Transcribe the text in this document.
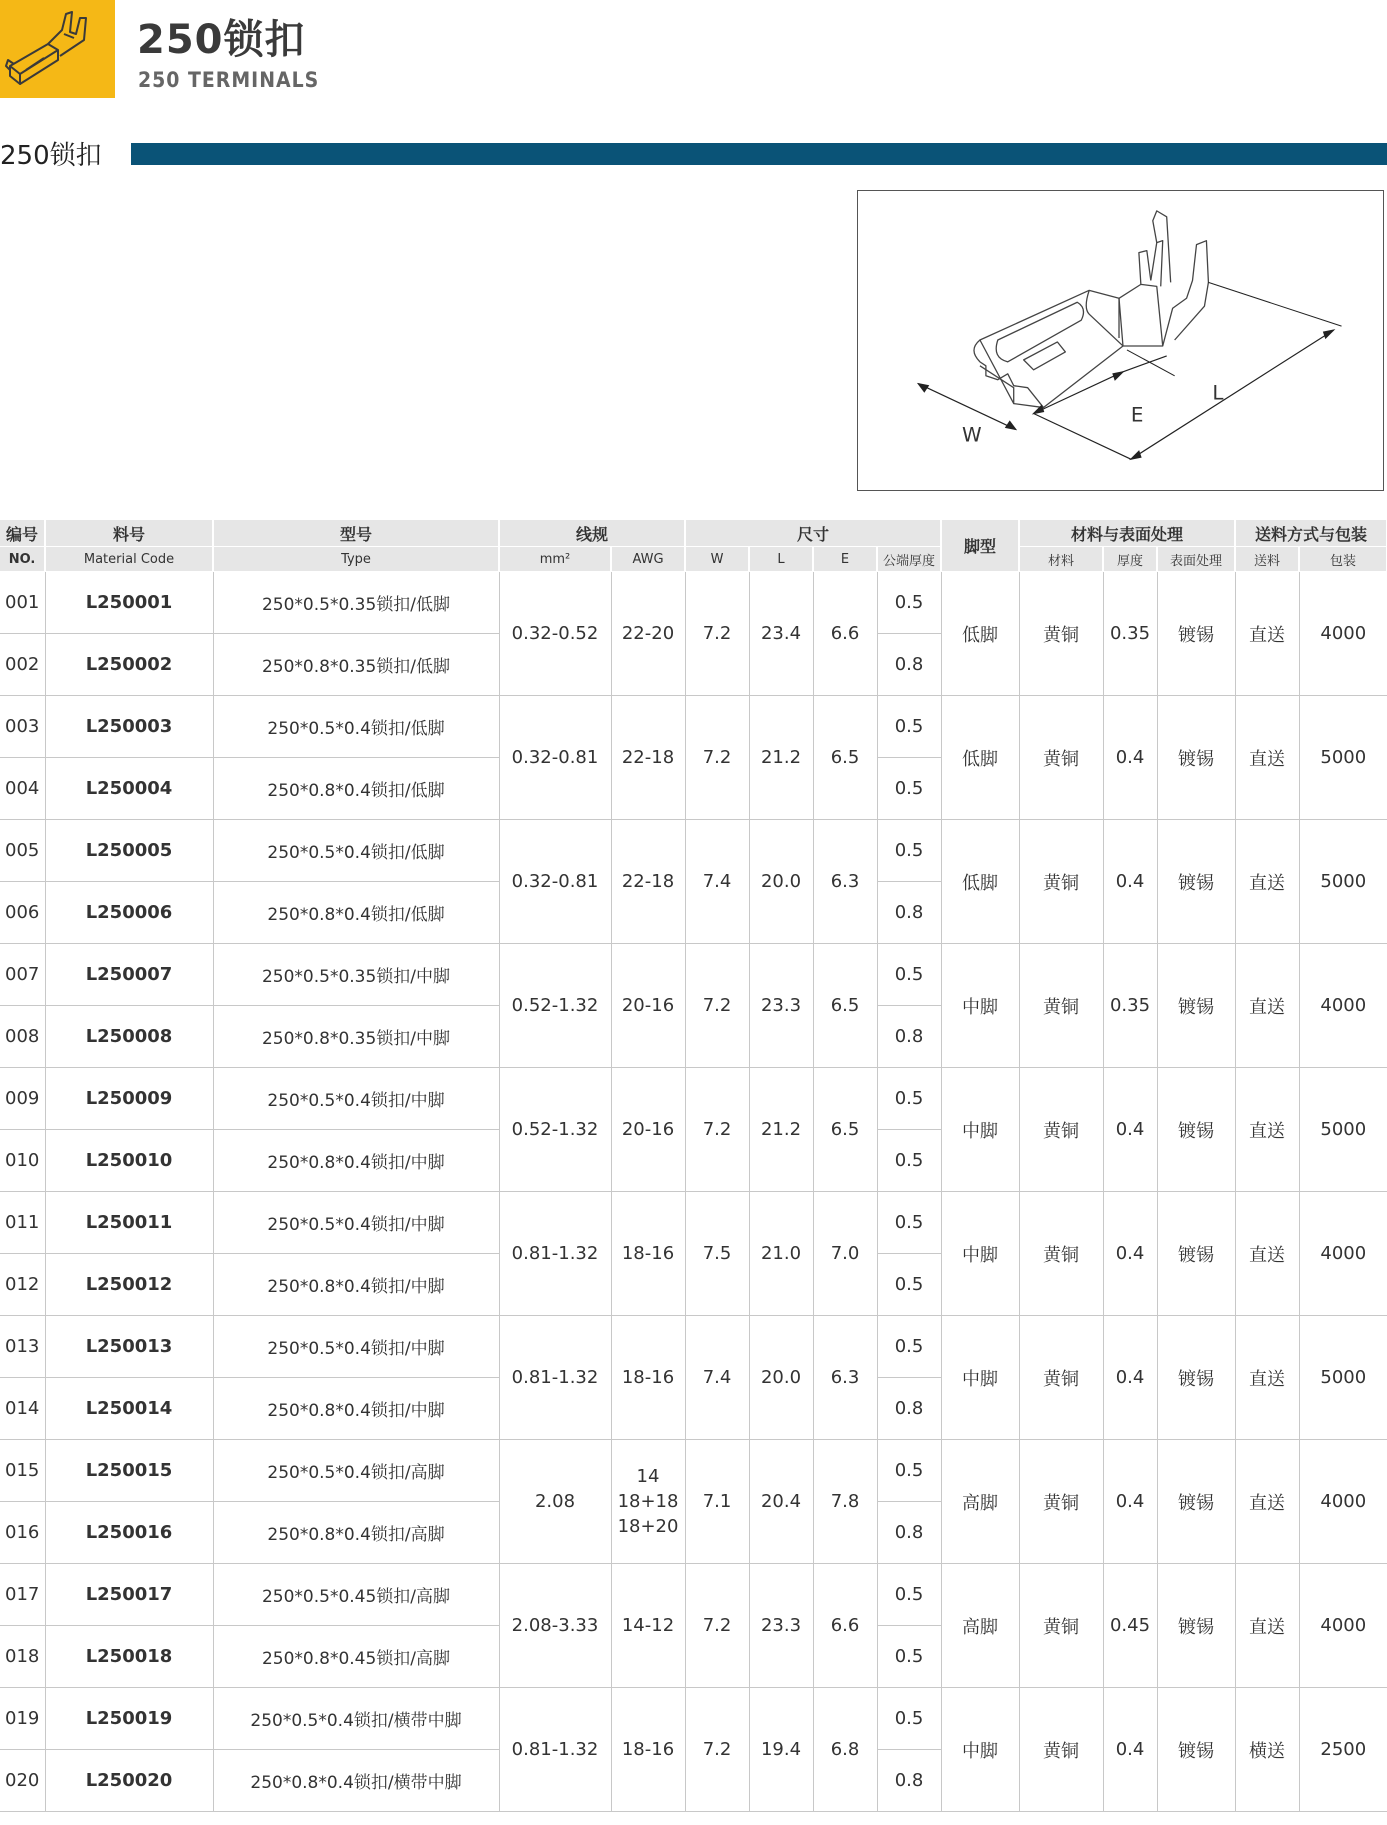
250锁扣
250 TERMINALS
250锁扣
W
E
L
编号	料号	型号	线规		尺寸				脚型	材料与表面处理			送料方式与包装	
NO.	Material Code	Type	mm²	AWG	W	L	E	公端厚度		材料	厚度	表面处理	送料	包装
001	L250001	250*0.5*0.35锁扣/低脚	0.32-0.52	22-20	7.2	23.4	6.6	0.5	低脚	黄铜	0.35	镀锡	直送	4000
002	L250002	250*0.8*0.35锁扣/低脚						0.8						
003	L250003	250*0.5*0.4锁扣/低脚	0.32-0.81	22-18	7.2	21.2	6.5	0.5	低脚	黄铜	0.4	镀锡	直送	5000
004	L250004	250*0.8*0.4锁扣/低脚						0.5						
005	L250005	250*0.5*0.4锁扣/低脚	0.32-0.81	22-18	7.4	20.0	6.3	0.5	低脚	黄铜	0.4	镀锡	直送	5000
006	L250006	250*0.8*0.4锁扣/低脚						0.8						
007	L250007	250*0.5*0.35锁扣/中脚	0.52-1.32	20-16	7.2	23.3	6.5	0.5	中脚	黄铜	0.35	镀锡	直送	4000
008	L250008	250*0.8*0.35锁扣/中脚						0.8						
009	L250009	250*0.5*0.4锁扣/中脚	0.52-1.32	20-16	7.2	21.2	6.5	0.5	中脚	黄铜	0.4	镀锡	直送	5000
010	L250010	250*0.8*0.4锁扣/中脚						0.5						
011	L250011	250*0.5*0.4锁扣/中脚	0.81-1.32	18-16	7.5	21.0	7.0	0.5	中脚	黄铜	0.4	镀锡	直送	4000
012	L250012	250*0.8*0.4锁扣/中脚						0.5						
013	L250013	250*0.5*0.4锁扣/中脚	0.81-1.32	18-16	7.4	20.0	6.3	0.5	中脚	黄铜	0.4	镀锡	直送	5000
014	L250014	250*0.8*0.4锁扣/中脚						0.8						
015	L250015	250*0.5*0.4锁扣/高脚	2.08	14
18+18
18+20	7.1	20.4	7.8	0.5	高脚	黄铜	0.4	镀锡	直送	4000
016	L250016	250*0.8*0.4锁扣/高脚						0.8						
017	L250017	250*0.5*0.45锁扣/高脚	2.08-3.33	14-12	7.2	23.3	6.6	0.5	高脚	黄铜	0.45	镀锡	直送	4000
018	L250018	250*0.8*0.45锁扣/高脚						0.5						
019	L250019	250*0.5*0.4锁扣/横带中脚	0.81-1.32	18-16	7.2	19.4	6.8	0.5	中脚	黄铜	0.4	镀锡	横送	2500
020	L250020	250*0.8*0.4锁扣/横带中脚						0.8						
